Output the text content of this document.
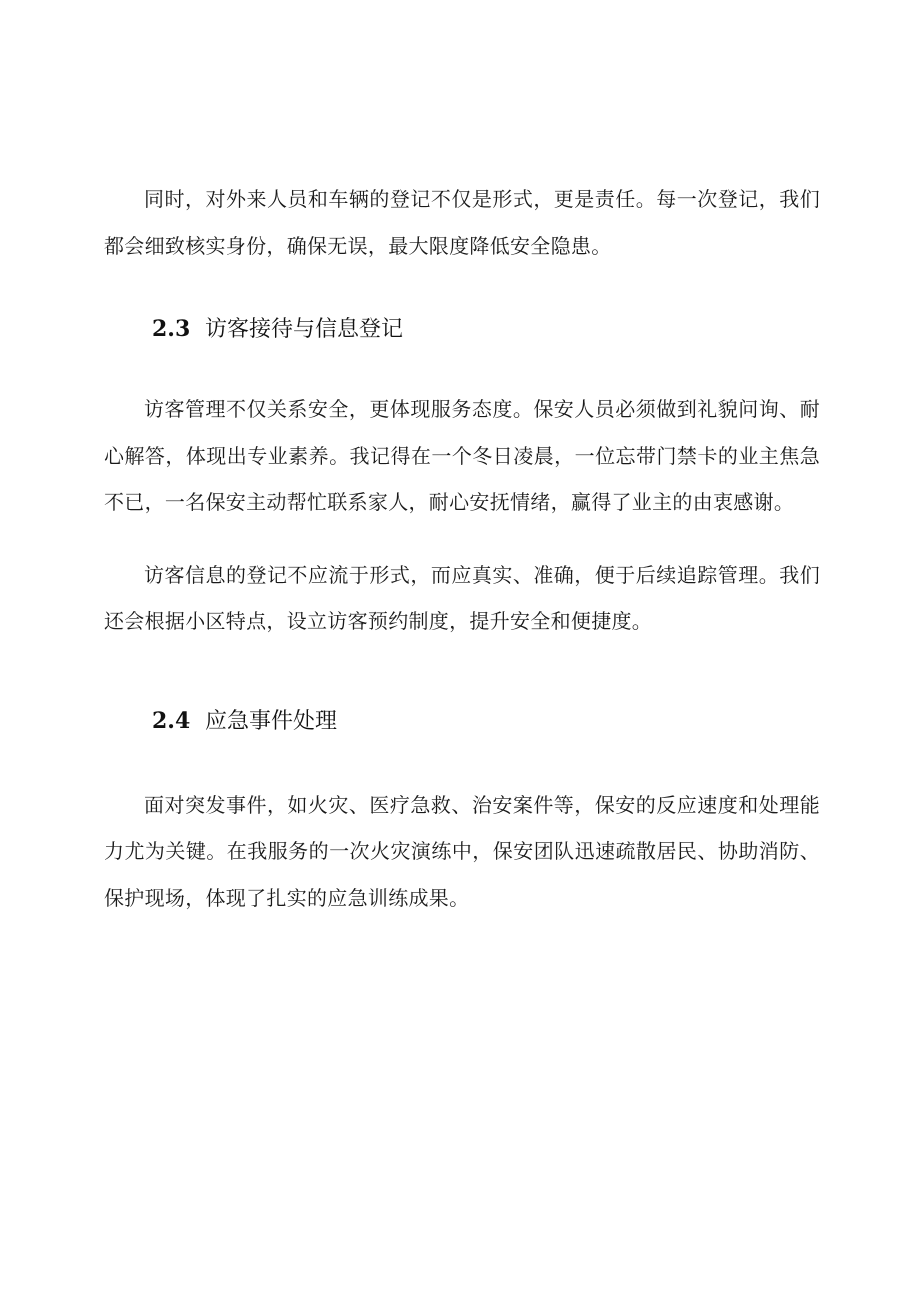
同时，对外来人员和车辆的登记不仅是形式，更是责任。每一次登记，我们都会细致核实身份，确保无误，最大限度降低安全隐患。

2.3 访客接待与信息登记

访客管理不仅关系安全，更体现服务态度。保安人员必须做到礼貌问询、耐心解答，体现出专业素养。我记得在一个冬日凌晨，一位忘带门禁卡的业主焦急不已，一名保安主动帮忙联系家人，耐心安抚情绪，赢得了业主的由衷感谢。

访客信息的登记不应流于形式，而应真实、准确，便于后续追踪管理。我们还会根据小区特点，设立访客预约制度，提升安全和便捷度。

2.4 应急事件处理

面对突发事件，如火灾、医疗急救、治安案件等，保安的反应速度和处理能力尤为关键。在我服务的一次火灾演练中，保安团队迅速疏散居民、协助消防、保护现场，体现了扎实的应急训练成果。
